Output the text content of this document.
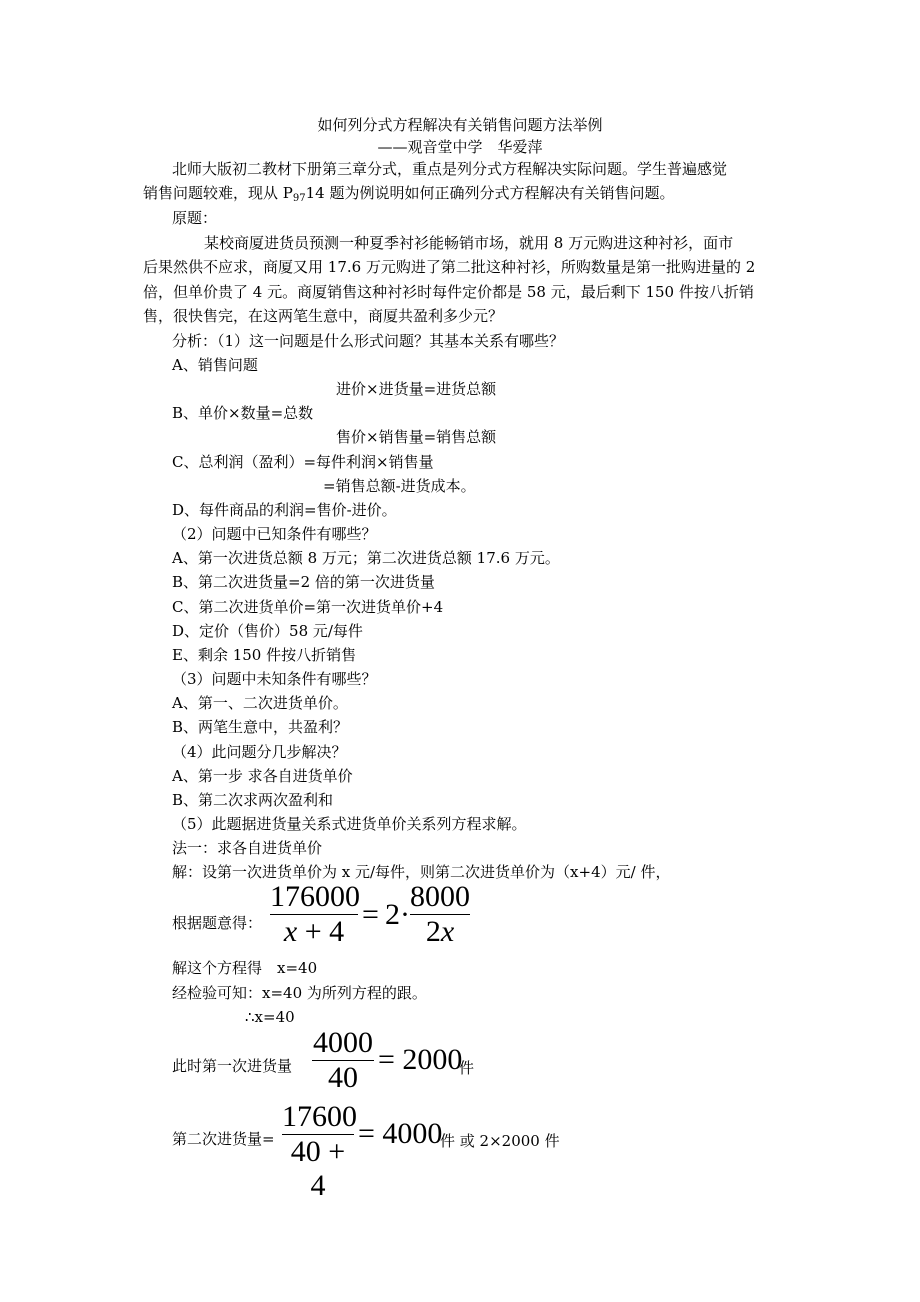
如何列分式方程解决有关销售问题方法举例
——观音堂中学　华爱萍
北师大版初二教材下册第三章分式，重点是列分式方程解决实际问题。学生普遍感觉
销售问题较难，现从 $P_{97}14$ 题为例说明如何正确列分式方程解决有关销售问题。
原题：
某校商厦进货员预测一种夏季衬衫能畅销市场，就用 8 万元购进这种衬衫，面市
后果然供不应求，商厦又用 17.6 万元购进了第二批这种衬衫，所购数量是第一批购进量的 2
倍，但单价贵了 4 元。商厦销售这种衬衫时每件定价都是 58 元，最后剩下 150 件按八折销
售，很快售完，在这两笔生意中，商厦共盈利多少元？
分析：（1）这一问题是什么形式问题？其基本关系有哪些？
A、销售问题
进价×进货量=进货总额
B、单价×数量=总数
售价×销售量=销售总额
C、总利润（盈利）=每件利润×销售量
=销售总额-进货成本。
D、每件商品的利润=售价-进价。
（2）问题中已知条件有哪些？
A、第一次进货总额 8 万元；第二次进货总额 17.6 万元。
B、第二次进货量=2 倍的第一次进货量
C、第二次进货单价=第一次进货单价+4
D、定价（售价）58 元/每件
E、剩余 150 件按八折销售
（3）问题中未知条件有哪些？
A、第一、二次进货单价。
B、两笔生意中，共盈利？
（4）此问题分几步解决？
A、第一步 求各自进货单价
B、第二次求两次盈利和
（5）此题据进货量关系式进货单价关系列方程求解。
法一：求各自进货单价
解：设第一次进货单价为 x 元/每件，则第二次进货单价为（x+4）元/ 件，
根据题意得：
176000
x + 4
= 2·
8000
2x
解这个方程得　x=40
经检验可知：x=40 为所列方程的跟。
∴x=40
此时第一次进货量
4000
40
= 2000
件
第二次进货量=
17600
40 + 4
= 4000
件 或 2×2000 件
